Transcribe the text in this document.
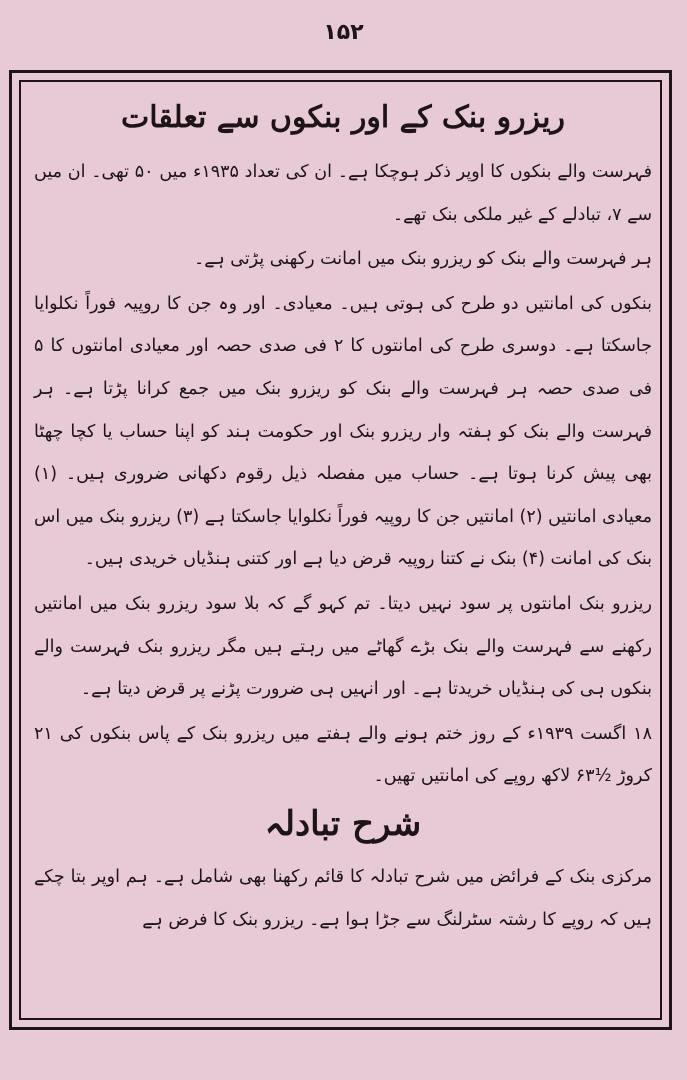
۱۵۲
ریزرو بنک کے اور بنکوں سے تعلقات

فہرست والے بنکوں کا اوپر ذکر ہوچکا ہے۔ ان کی تعداد ۱۹۳۵ء میں ۵۰ تھی۔ ان میں سے ۷، تبادلے کے غیر ملکی بنک تھے۔

ہر فہرست والے بنک کو ریزرو بنک میں امانت رکھنی پڑتی ہے۔

بنکوں کی امانتیں دو طرح کی ہوتی ہیں۔ معیادی۔ اور وہ جن کا روپیہ فوراً نکلوایا جاسکتا ہے۔ دوسری طرح کی امانتوں کا ۲ فی صدی حصہ اور معیادی امانتوں کا ۵ فی صدی حصہ ہر فہرست والے بنک کو ریزرو بنک میں جمع کرانا پڑتا ہے۔ ہر فہرست والے بنک کو ہفتہ وار ریزرو بنک اور حکومت ہند کو اپنا حساب یا کچا چھٹا بھی پیش کرنا ہوتا ہے۔ حساب میں مفصلہ ذیل رقوم دکھانی ضروری ہیں۔ (۱) معیادی امانتیں (۲) امانتیں جن کا روپیہ فوراً نکلوایا جاسکتا ہے (۳) ریزرو بنک میں اس بنک کی امانت (۴) بنک نے کتنا روپیہ قرض دیا ہے اور کتنی ہنڈیاں خریدی ہیں۔

ریزرو بنک امانتوں پر سود نہیں دیتا۔ تم کہو گے کہ بلا سود ریزرو بنک میں امانتیں رکھنے سے فہرست والے بنک بڑے گھاٹے میں رہتے ہیں مگر ریزرو بنک فہرست والے بنکوں ہی کی ہنڈیاں خریدتا ہے۔ اور انہیں ہی ضرورت پڑنے پر قرض دیتا ہے۔

۱۸ اگست ۱۹۳۹ء کے روز ختم ہونے والے ہفتے میں ریزرو بنک کے پاس بنکوں کی ۲۱ کروڑ ½۶۳ لاکھ روپے کی امانتیں تھیں۔

شرح تبادلہ

مرکزی بنک کے فرائض میں شرح تبادلہ کا قائم رکھنا بھی شامل ہے۔ ہم اوپر بتا چکے ہیں کہ روپے کا رشتہ سٹرلنگ سے جڑا ہوا ہے۔ ریزرو بنک کا فرض ہے
